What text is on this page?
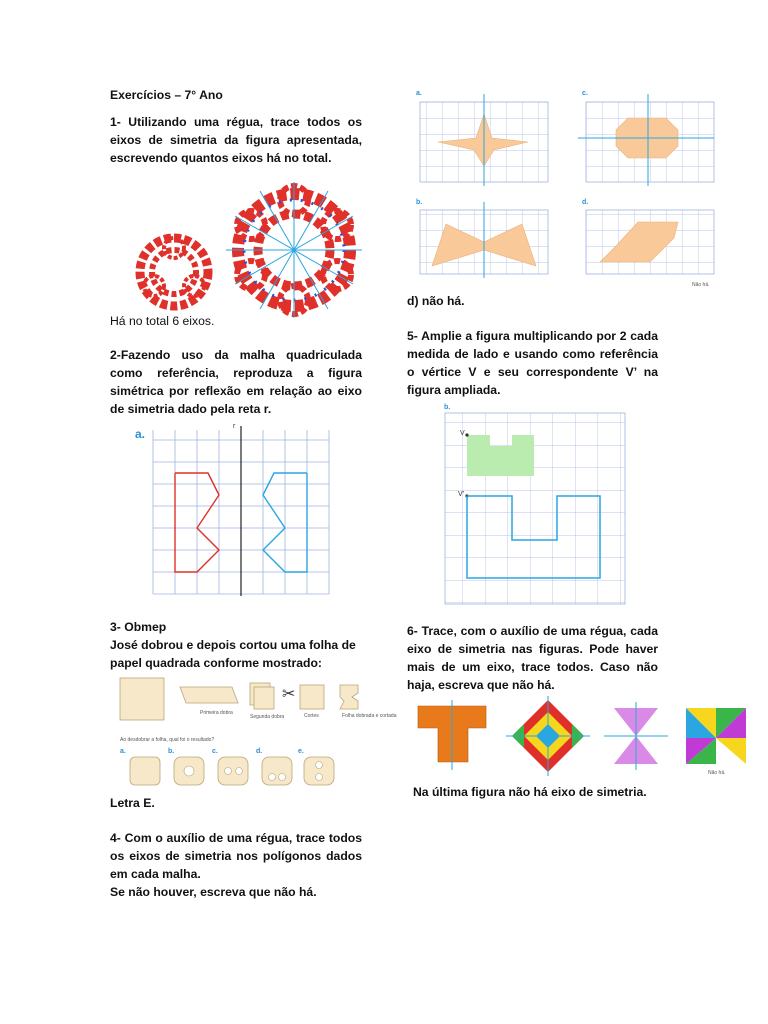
Exercícios – 7° Ano
1- Utilizando uma régua, trace todos os eixos de simetria da figura apresentada, escrevendo quantos eixos há no total.
Há no total 6 eixos.
2-Fazendo uso da malha quadriculada como referência, reproduza a figura simétrica por reflexão em relação ao eixo de simetria dado pela reta r.
a.
r
3- Obmep
José dobrou e depois cortou uma folha de papel quadrada conforme mostrado:
Primeira dobra
Segunda dobra
✂
Cortes	Folha dobrada e cortada
Ao desdobrar a folha, qual foi o resultado?
a.	b.	c.	d.	e.
Letra E.
4- Com o auxílio de uma régua, trace todos os eixos de simetria nos polígonos dados em cada malha.
Se não houver, escreva que não há.
a.	c.
b.	d.
Não há.
d) não há.
5- Amplie a figura multiplicando por 2 cada medida de lado e usando como referência o vértice V e seu correspondente V’ na figura ampliada.
b.
V
V’
6- Trace, com o auxílio de uma régua, cada eixo de simetria nas figuras. Pode haver mais de um eixo, trace todos. Caso não haja, escreva que não há.
Não há.
Na última figura não há eixo de simetria.
